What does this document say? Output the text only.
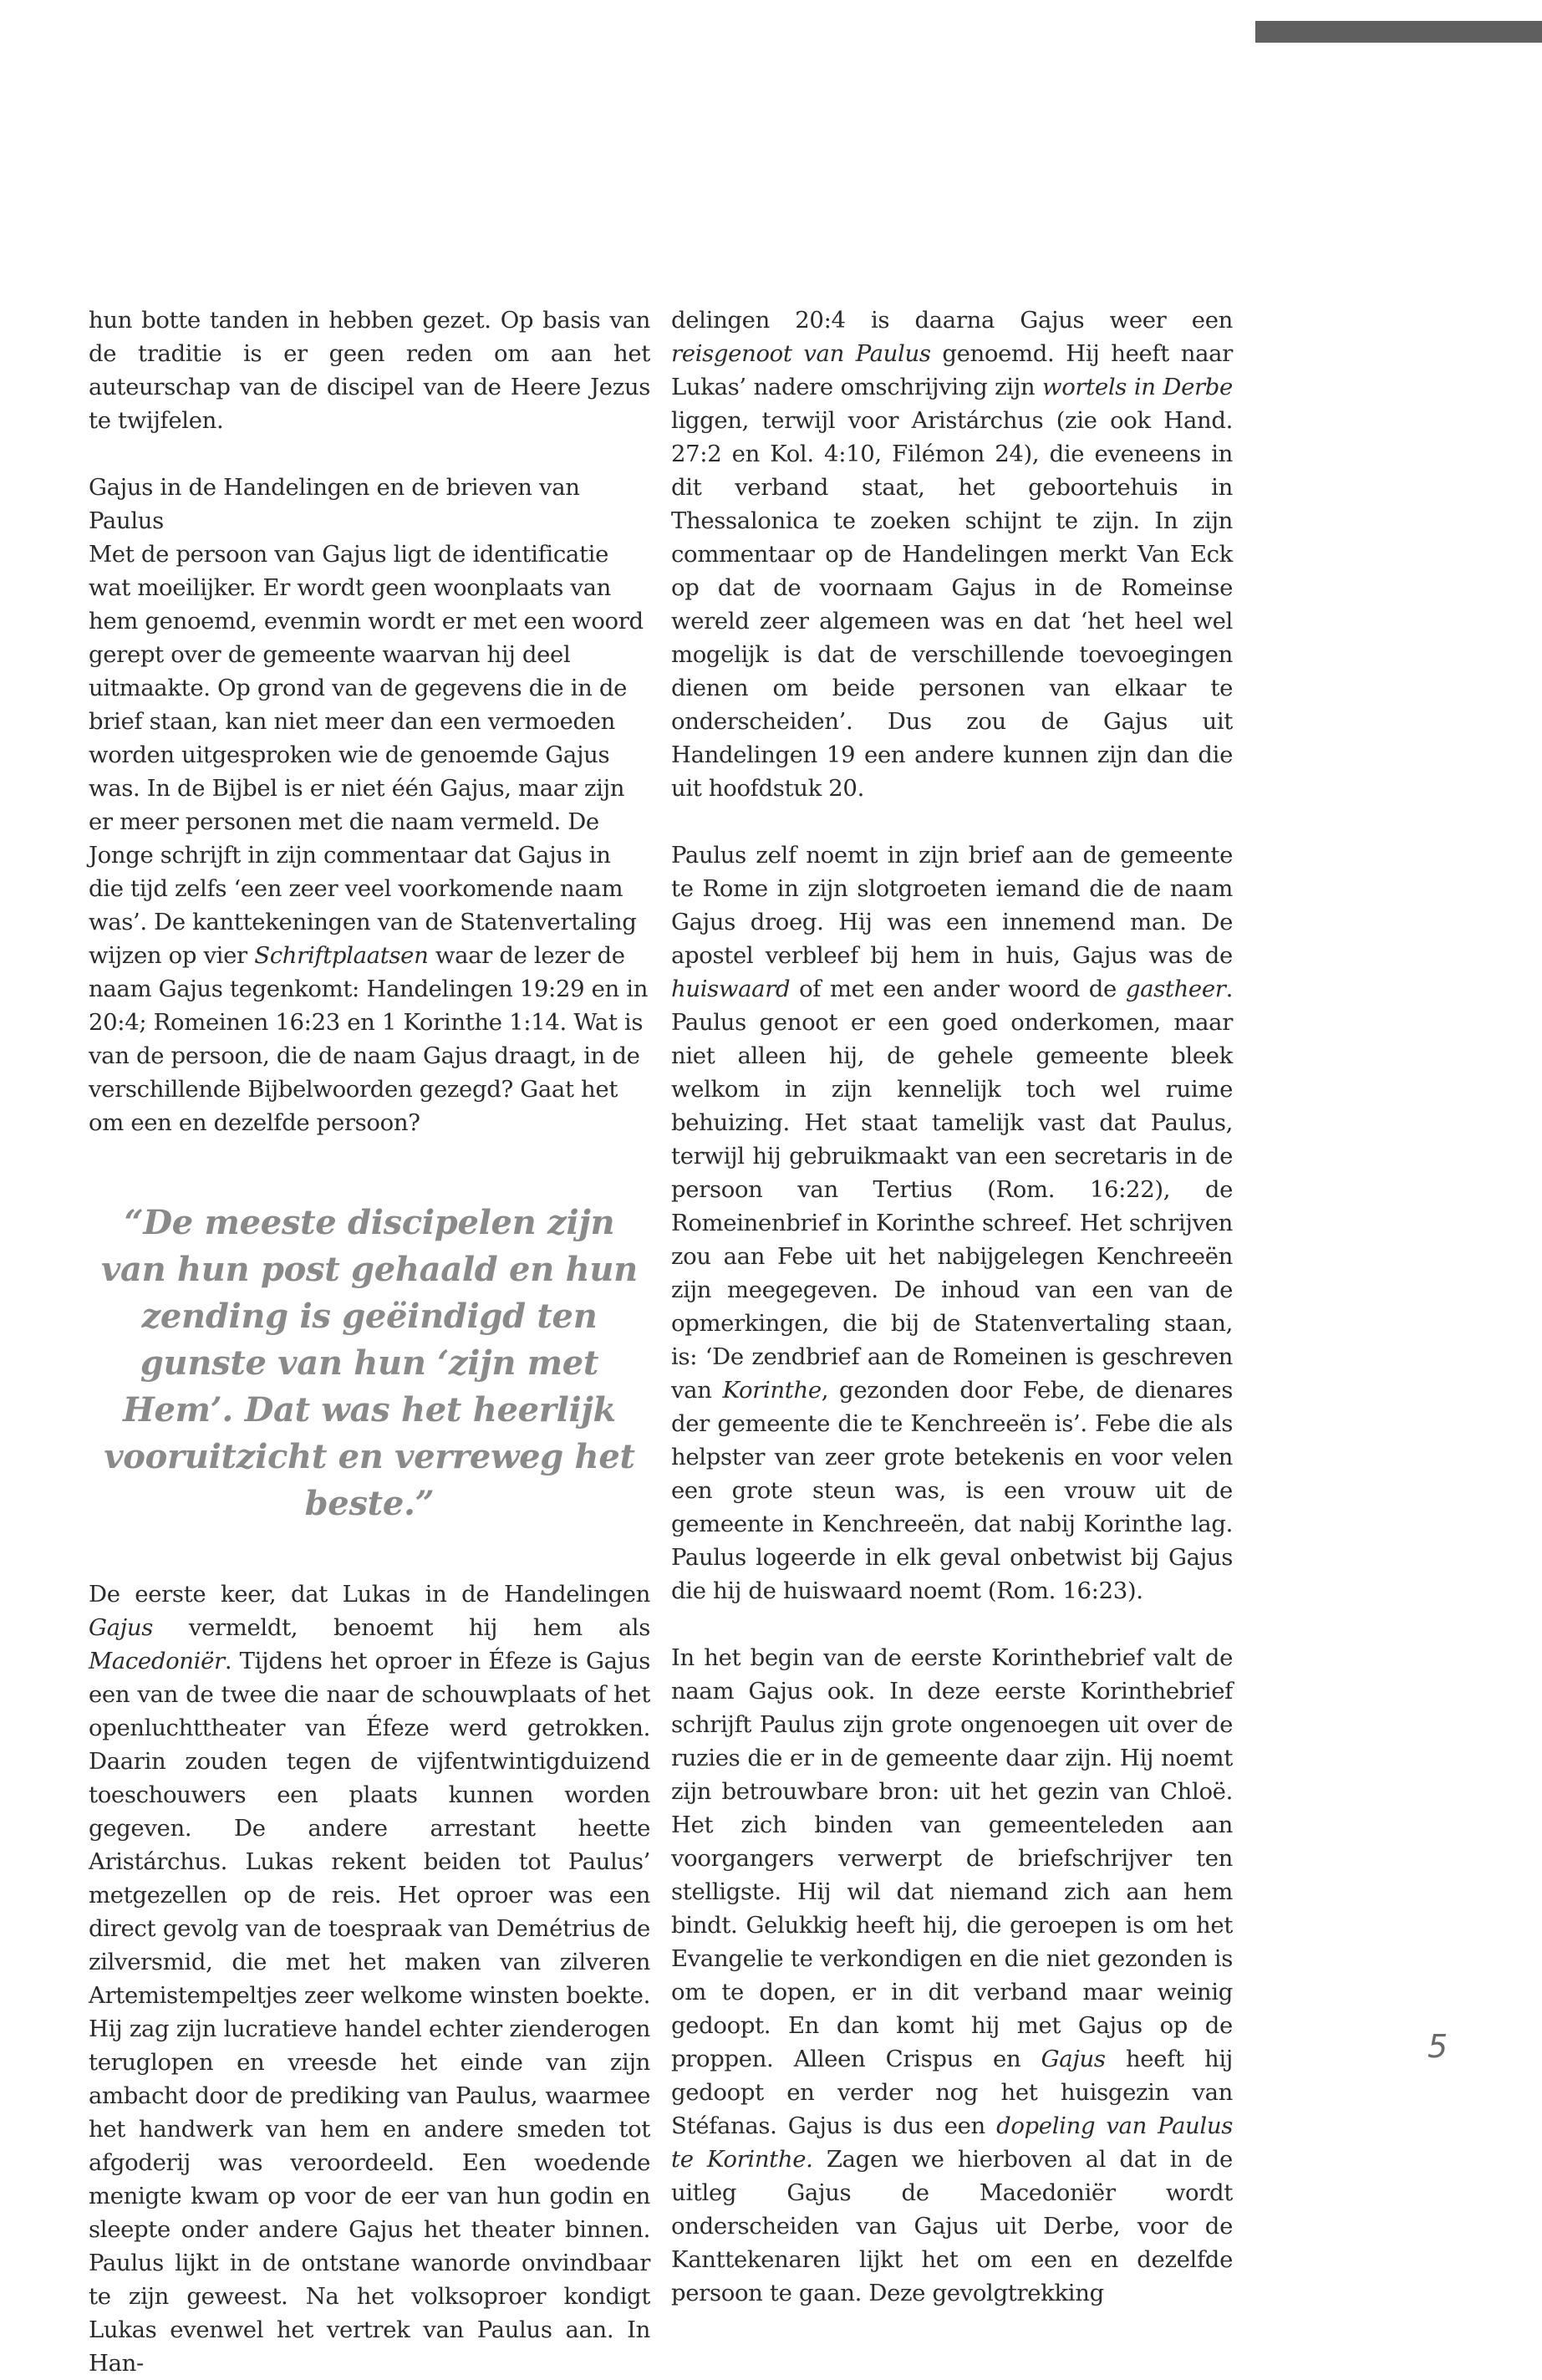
hun botte tanden in hebben gezet. Op basis van de traditie is er geen reden om aan het auteurschap van de discipel van de Heere Jezus te twijfelen.

Gajus in de Handelingen en de brieven van Paulus
Met de persoon van Gajus ligt de identificatie wat moeilijker. Er wordt geen woonplaats van hem genoemd, evenmin wordt er met een woord gerept over de gemeente waarvan hij deel uitmaakte. Op grond van de gegevens die in de brief staan, kan niet meer dan een vermoeden worden uitgesproken wie de genoemde Gajus was. In de Bijbel is er niet één Gajus, maar zijn er meer personen met die naam vermeld. De Jonge schrijft in zijn commentaar dat Gajus in die tijd zelfs ‘een zeer veel voorkomende naam was’. De kanttekeningen van de Statenvertaling wijzen op vier Schriftplaatsen waar de lezer de naam Gajus tegenkomt: Handelingen 19:29 en in 20:4; Romeinen 16:23 en 1 Korinthe 1:14. Wat is van de persoon, die de naam Gajus draagt, in de verschillende Bijbelwoorden gezegd? Gaat het om een en dezelfde persoon?

“De meeste discipelen zijn van hun post gehaald en hun zending is geëindigd ten gunste van hun ‘zijn met Hem’. Dat was het heerlijk vooruitzicht en verreweg het beste.”

De eerste keer, dat Lukas in de Handelingen Gajus vermeldt, benoemt hij hem als Macedoniër. Tijdens het oproer in Éfeze is Gajus een van de twee die naar de schouwplaats of het openluchttheater van Éfeze werd getrokken. Daarin zouden tegen de vijfentwintigduizend toeschouwers een plaats kunnen worden gegeven. De andere arrestant heette Aristárchus. Lukas rekent beiden tot Paulus’ metgezellen op de reis. Het oproer was een direct gevolg van de toespraak van Demétrius de zilversmid, die met het maken van zilveren Artemistempeltjes zeer welkome winsten boekte. Hij zag zijn lucratieve handel echter zienderogen teruglopen en vreesde het einde van zijn ambacht door de prediking van Paulus, waarmee het handwerk van hem en andere smeden tot afgoderij was veroordeeld. Een woedende menigte kwam op voor de eer van hun godin en sleepte onder andere Gajus het theater binnen. Paulus lijkt in de ontstane wanorde onvindbaar te zijn geweest. Na het volksoproer kondigt Lukas evenwel het vertrek van Paulus aan. In Han-

delingen 20:4 is daarna Gajus weer een reisgenoot van Paulus genoemd. Hij heeft naar Lukas’ nadere omschrijving zijn wortels in Derbe liggen, terwijl voor Aristárchus (zie ook Hand. 27:2 en Kol. 4:10, Filémon 24), die eveneens in dit verband staat, het geboortehuis in Thessalonica te zoeken schijnt te zijn. In zijn commentaar op de Handelingen merkt Van Eck op dat de voornaam Gajus in de Romeinse wereld zeer algemeen was en dat ‘het heel wel mogelijk is dat de verschillende toevoegingen dienen om beide personen van elkaar te onderscheiden’. Dus zou de Gajus uit Handelingen 19 een andere kunnen zijn dan die uit hoofdstuk 20.

Paulus zelf noemt in zijn brief aan de gemeente te Rome in zijn slotgroeten iemand die de naam Gajus droeg. Hij was een innemend man. De apostel verbleef bij hem in huis, Gajus was de huiswaard of met een ander woord de gastheer. Paulus genoot er een goed onderkomen, maar niet alleen hij, de gehele gemeente bleek welkom in zijn kennelijk toch wel ruime behuizing. Het staat tamelijk vast dat Paulus, terwijl hij gebruikmaakt van een secretaris in de persoon van Tertius (Rom. 16:22), de Romeinenbrief in Korinthe schreef. Het schrijven zou aan Febe uit het nabijgelegen Kenchreeën zijn meegegeven. De inhoud van een van de opmerkingen, die bij de Statenvertaling staan, is: ‘De zendbrief aan de Romeinen is geschreven van Korinthe, gezonden door Febe, de dienares der gemeente die te Kenchreeën is’. Febe die als helpster van zeer grote betekenis en voor velen een grote steun was, is een vrouw uit de gemeente in Kenchreeën, dat nabij Korinthe lag. Paulus logeerde in elk geval onbetwist bij Gajus die hij de huiswaard noemt (Rom. 16:23).

In het begin van de eerste Korinthebrief valt de naam Gajus ook. In deze eerste Korinthebrief schrijft Paulus zijn grote ongenoegen uit over de ruzies die er in de gemeente daar zijn. Hij noemt zijn betrouwbare bron: uit het gezin van Chloë. Het zich binden van gemeenteleden aan voorgangers verwerpt de briefschrijver ten stelligste. Hij wil dat niemand zich aan hem bindt. Gelukkig heeft hij, die geroepen is om het Evangelie te verkondigen en die niet gezonden is om te dopen, er in dit verband maar weinig gedoopt. En dan komt hij met Gajus op de proppen. Alleen Crispus en Gajus heeft hij gedoopt en verder nog het huisgezin van Stéfanas. Gajus is dus een dopeling van Paulus te Korinthe. Zagen we hierboven al dat in de uitleg Gajus de Macedoniër wordt onderscheiden van Gajus uit Derbe, voor de Kanttekenaren lijkt het om een en dezelfde persoon te gaan. Deze gevolgtrekking

5
